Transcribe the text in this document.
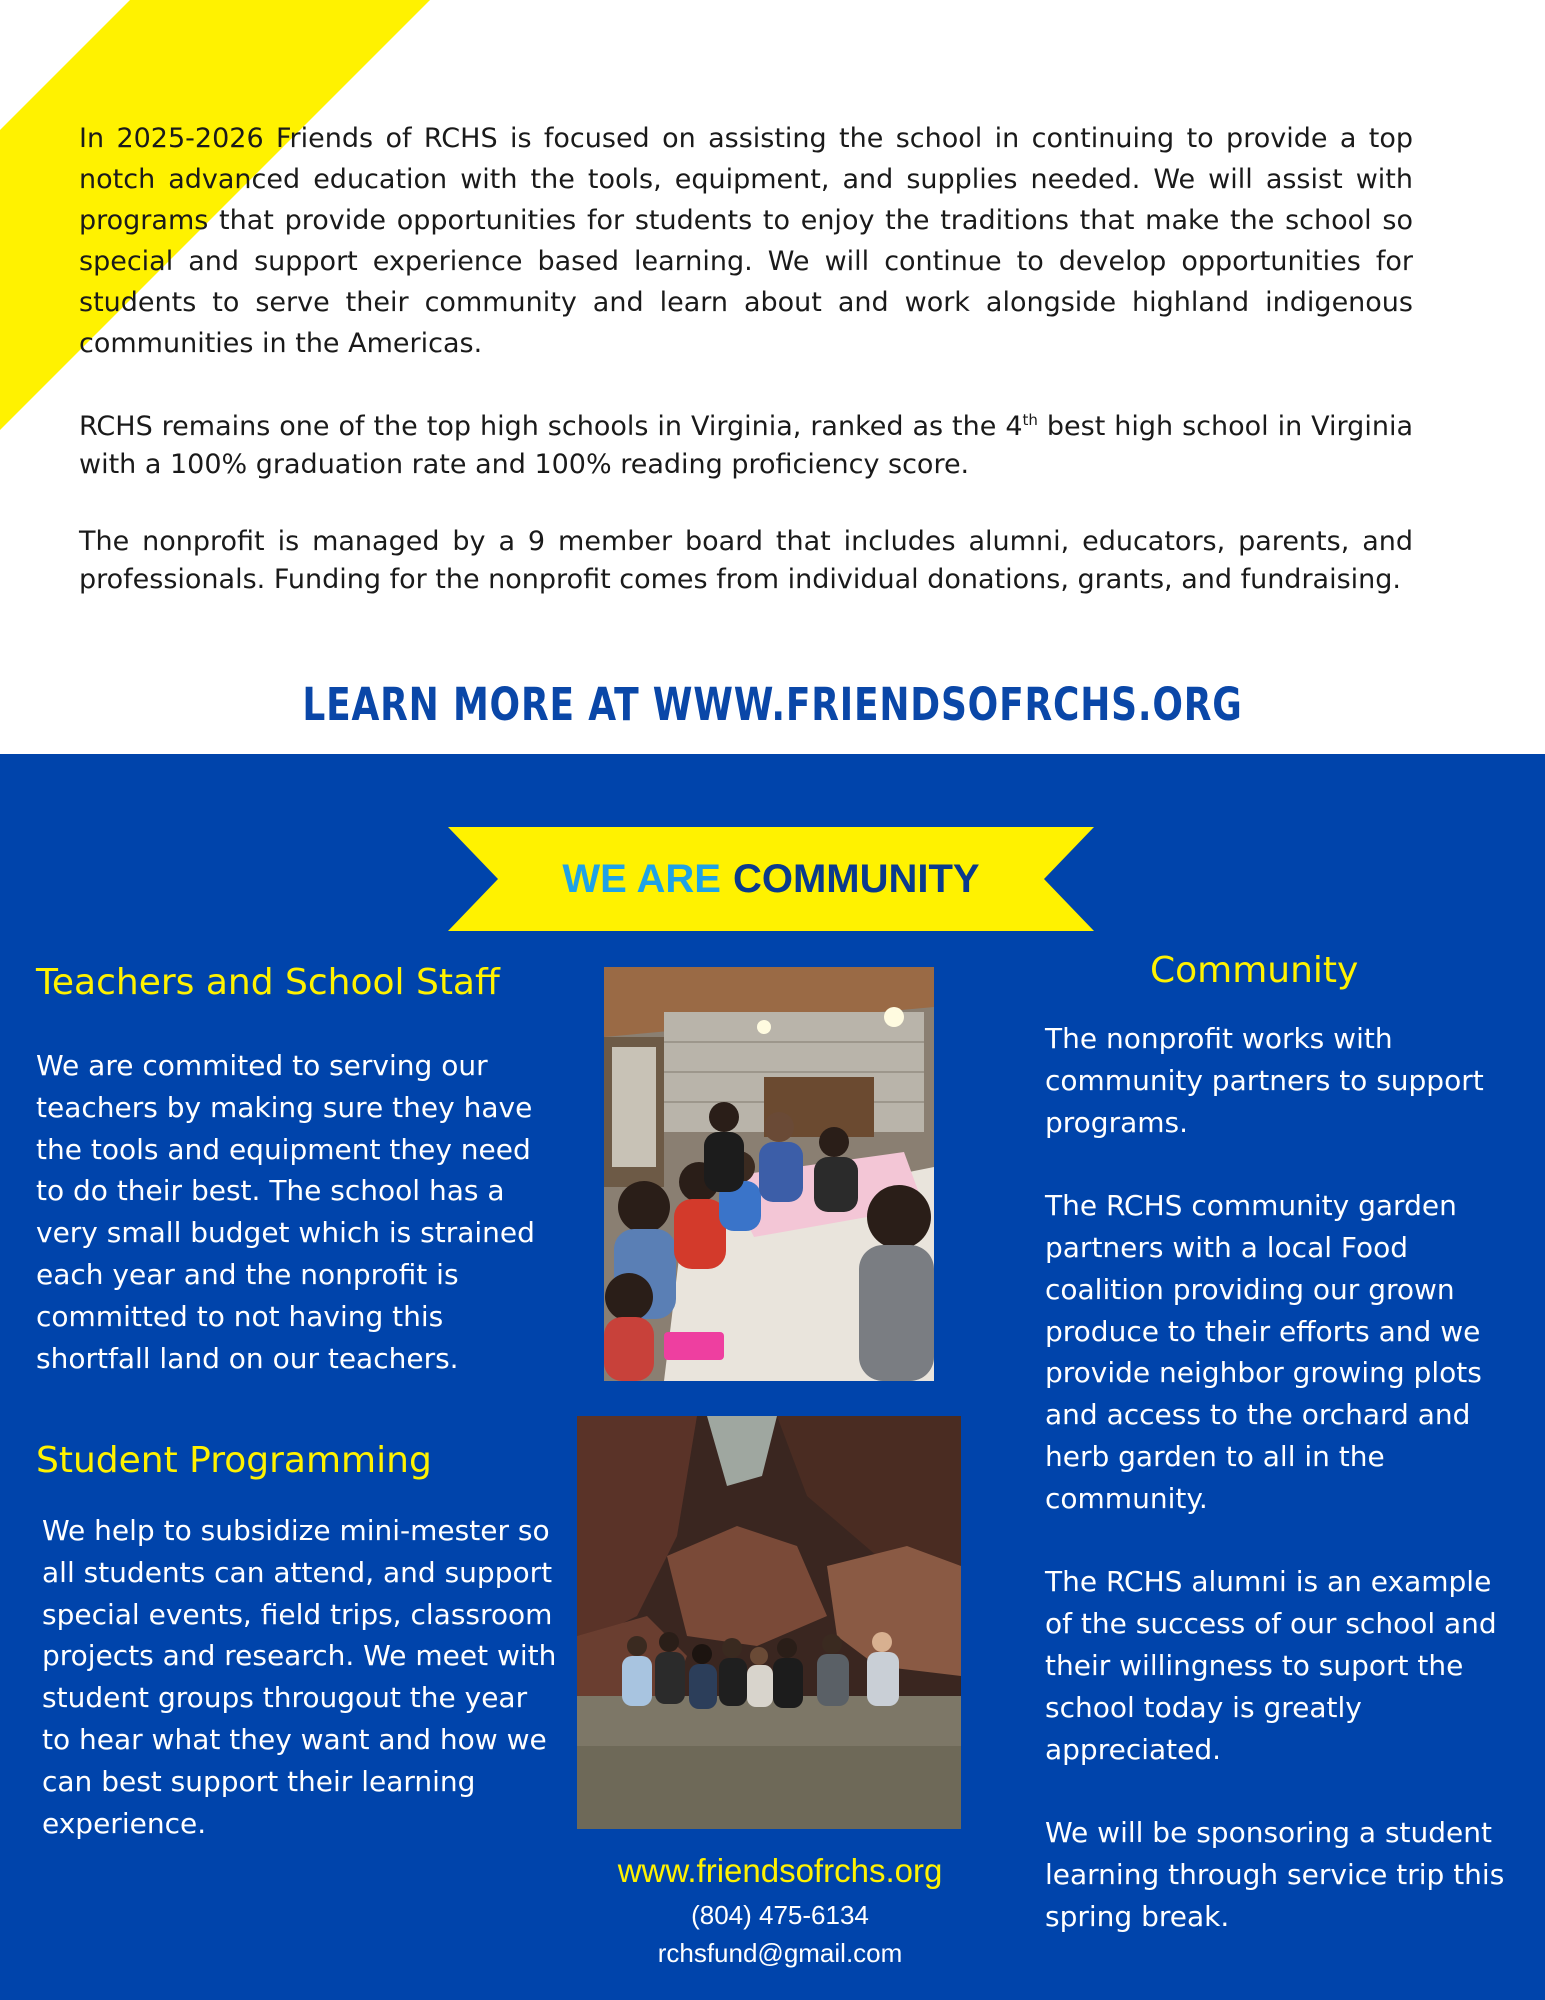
In 2025-2026 Friends of RCHS is focused on assisting the school in continuing to provide a top notch advanced education with the tools, equipment, and supplies needed. We will assist with programs that provide opportunities for students to enjoy the traditions that make the school so special and support experience based learning. We will continue to develop opportunities for students to serve their community and learn about and work alongside highland indigenous communities in the Americas.

RCHS remains one of the top high schools in Virginia, ranked as the 4th best high school in Virginia with a 100% graduation rate and 100% reading proficiency score.

The nonprofit is managed by a 9 member board that includes alumni, educators, parents, and professionals. Funding for the nonprofit comes from individual donations, grants, and fundraising.

LEARN MORE AT WWW.FRIENDSOFRCHS.ORG
WE ARE COMMUNITY
Teachers and School Staff

We are commited to serving our teachers by making sure they have the tools and equipment they need to do their best. The school has a very small budget which is strained each year and the nonprofit is committed to not having this shortfall land on our teachers.

Student Programming

We help to subsidize mini-mester so all students can attend, and support special events, field trips, classroom projects and research. We meet with student groups througout the year to hear what they want and how we can best support their learning experience.

Community

The nonprofit works with community partners to support programs.

The RCHS community garden partners with a local Food coalition providing our grown produce to their efforts and we provide neighbor growing plots and access to the orchard and herb garden to all in the community.

The RCHS alumni is an example of the success of our school and their willingness to suport the school today is greatly appreciated.

We will be sponsoring a student learning through service trip this spring break.

www.friendsofrchs.org

(804) 475-6134

rchsfund@gmail.com
